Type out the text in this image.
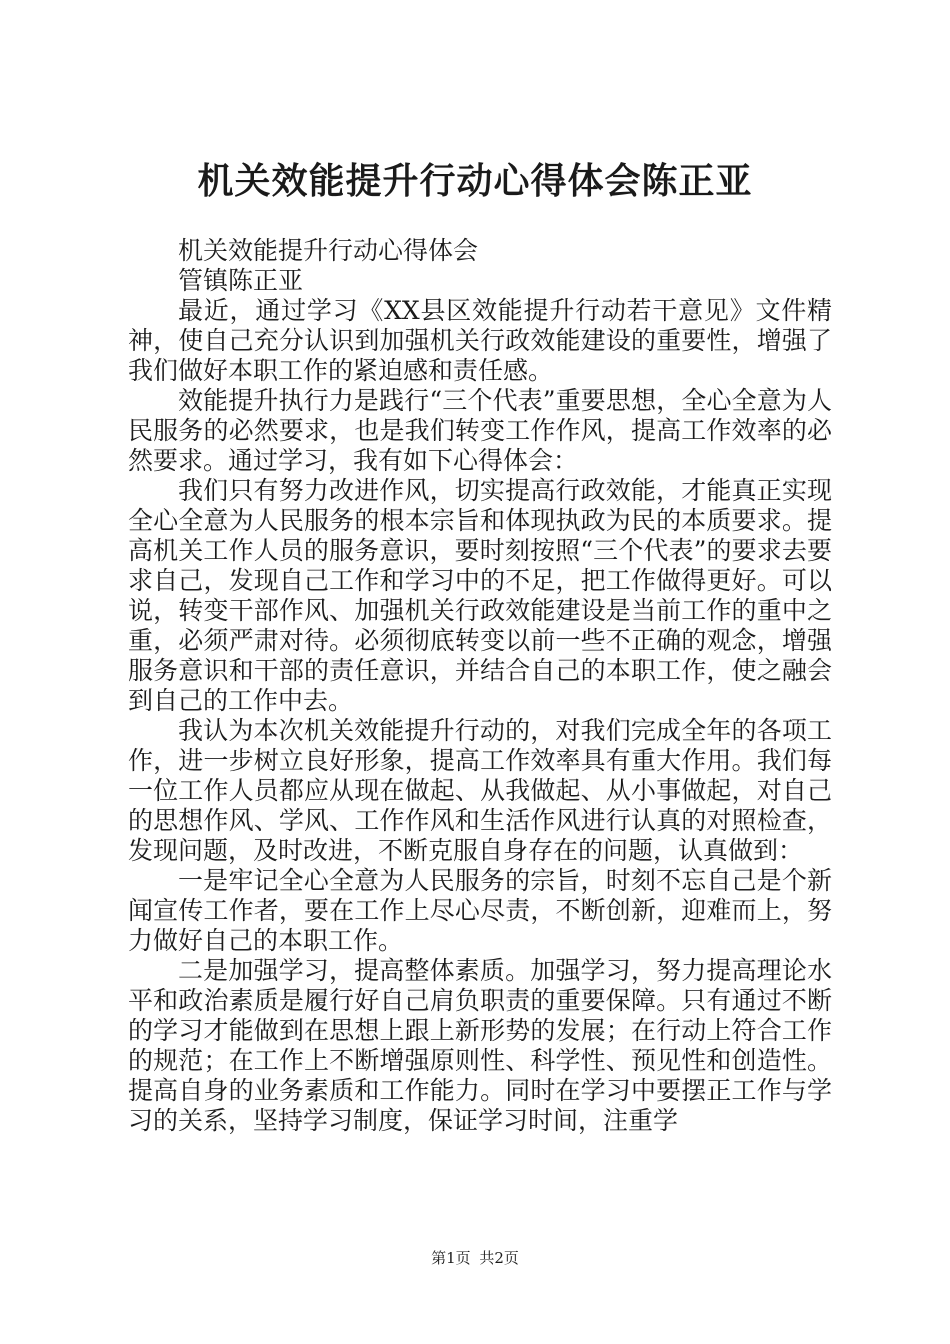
机关效能提升行动心得体会陈正亚

机关效能提升行动心得体会

管镇陈正亚

最近，通过学习《XX县区效能提升行动若干意见》文件精神，使自己充分认识到加强机关行政效能建设的重要性，增强了我们做好本职工作的紧迫感和责任感。

效能提升执行力是践行“三个代表”重要思想，全心全意为人民服务的必然要求，也是我们转变工作作风，提高工作效率的必然要求。通过学习，我有如下心得体会：

我们只有努力改进作风，切实提高行政效能，才能真正实现全心全意为人民服务的根本宗旨和体现执政为民的本质要求。提高机关工作人员的服务意识，要时刻按照“三个代表”的要求去要求自己，发现自己工作和学习中的不足，把工作做得更好。可以说，转变干部作风、加强机关行政效能建设是当前工作的重中之重，必须严肃对待。必须彻底转变以前一些不正确的观念，增强服务意识和干部的责任意识，并结合自己的本职工作，使之融会到自己的工作中去。

我认为本次机关效能提升行动的，对我们完成全年的各项工作，进一步树立良好形象，提高工作效率具有重大作用。我们每一位工作人员都应从现在做起、从我做起、从小事做起，对自己的思想作风、学风、工作作风和生活作风进行认真的对照检查，发现问题，及时改进，不断克服自身存在的问题，认真做到：

一是牢记全心全意为人民服务的宗旨，时刻不忘自己是个新闻宣传工作者，要在工作上尽心尽责，不断创新，迎难而上，努力做好自己的本职工作。

二是加强学习，提高整体素质。加强学习，努力提高理论水平和政治素质是履行好自己肩负职责的重要保障。只有通过不断的学习才能做到在思想上跟上新形势的发展；在行动上符合工作的规范；在工作上不断增强原则性、科学性、预见性和创造性。提高自身的业务素质和工作能力。同时在学习中要摆正工作与学习的关系，坚持学习制度，保证学习时间，注重学

第1页 共2页
